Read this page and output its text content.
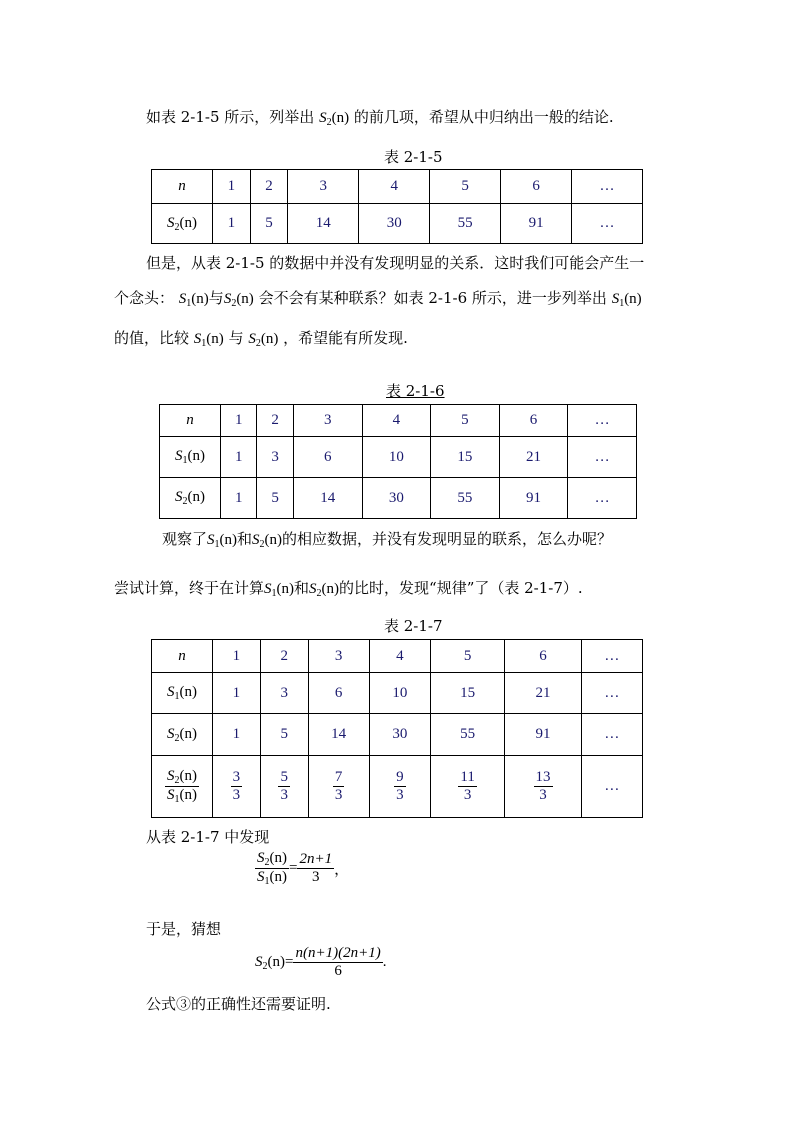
如表 2-1-5 所示，列举出 $S_2(n)$ 的前几项，希望从中归纳出一般的结论.
表 2-1-5
n	1	2	3	4	5	6	…
$S_2(n)$	1	5	14	30	55	91	…
但是，从表 2-1-5 的数据中并没有发现明显的关系．这时我们可能会产生一
个念头： $S_1(n)$与$S_2(n)$ 会不会有某种联系？如表 2-1-6 所示，进一步列举出 $S_1(n)$
的值，比较 $S_1(n)$ 与 $S_2(n)$ ，希望能有所发现.
表 2-1-6
n	1	2	3	4	5	6	…
$S_1(n)$	1	3	6	10	15	21	…
$S_2(n)$	1	5	14	30	55	91	…
观察了$S_1(n)$和$S_2(n)$的相应数据，并没有发现明显的联系，怎么办呢？
尝试计算，终于在计算$S_1(n)$和$S_2(n)$的比时，发现“规律”了（表 2-1-7）.
表 2-1-7
n	1	2	3	4	5	6	…
$S_1(n)$	1	3	6	10	15	21	…
$S_2(n)$	1	5	14	30	55	91	…

$\frac{S_2(n)}{S_1(n)}$	$\frac{3}{3}$	$\frac{5}{3}$	$\frac{7}{3}$	$\frac{9}{3}$	$\frac{11}{3}$	$\frac{13}{3}$	…
从表 2-1-7 中发现
$\frac{S_2(n)}{S_1(n)} = \frac{2n+1}{3}$ ，
于是，猜想
$S_2(n)= \frac{n(n+1)(2n+1)}{6}$ .
公式③的正确性还需要证明.
